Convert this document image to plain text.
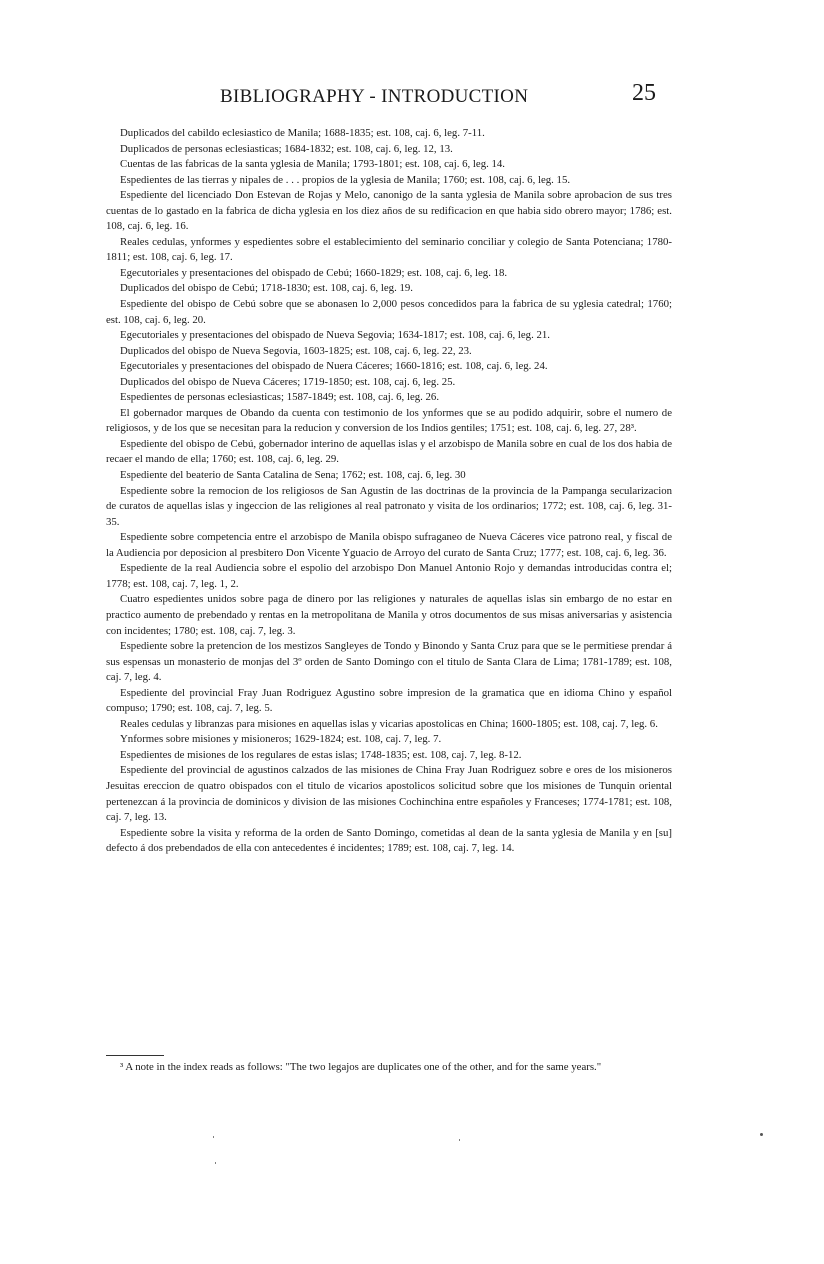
BIBLIOGRAPHY - INTRODUCTION	25

Duplicados del cabildo eclesiastico de Manila; 1688-1835; est. 108, caj. 6, leg. 7-11.

Duplicados de personas eclesiasticas; 1684-1832; est. 108, caj. 6, leg. 12, 13.

Cuentas de las fabricas de la santa yglesia de Manila; 1793-1801; est. 108, caj. 6, leg. 14.

Espedientes de las tierras y nipales de . . . propios de la yglesia de Manila; 1760; est. 108, caj. 6, leg. 15.

Espediente del licenciado Don Estevan de Rojas y Melo, canonigo de la santa yglesia de Manila sobre aprobacion de sus tres cuentas de lo gastado en la fabrica de dicha yglesia en los diez años de su redificacion en que habia sido obrero mayor; 1786; est. 108, caj. 6, leg. 16.

Reales cedulas, ynformes y espedientes sobre el establecimiento del seminario conciliar y colegio de Santa Potenciana; 1780-1811; est. 108, caj. 6, leg. 17.

Egecutoriales y presentaciones del obispado de Cebú; 1660-1829; est. 108, caj. 6, leg. 18.

Duplicados del obispo de Cebú; 1718-1830; est. 108, caj. 6, leg. 19.

Espediente del obispo de Cebú sobre que se abonasen lo 2,000 pesos concedidos para la fabrica de su yglesia catedral; 1760; est. 108, caj. 6, leg. 20.

Egecutoriales y presentaciones del obispado de Nueva Segovia; 1634-1817; est. 108, caj. 6, leg. 21.

Duplicados del obispo de Nueva Segovia, 1603-1825; est. 108, caj. 6, leg. 22, 23.

Egecutoriales y presentaciones del obispado de Nuera Cáceres; 1660-1816; est. 108, caj. 6, leg. 24.

Duplicados del obispo de Nueva Cáceres; 1719-1850; est. 108, caj. 6, leg. 25.

Espedientes de personas eclesiasticas; 1587-1849; est. 108, caj. 6, leg. 26.

El gobernador marques de Obando da cuenta con testimonio de los ynformes que se au podido adquirir, sobre el numero de religiosos, y de los que se necesitan para la reducion y conversion de los Indios gentiles; 1751; est. 108, caj. 6, leg. 27, 28³.

Espediente del obispo de Cebú, gobernador interino de aquellas islas y el arzobispo de Manila sobre en cual de los dos habia de recaer el mando de ella; 1760; est. 108, caj. 6, leg. 29.

Espediente del beaterio de Santa Catalina de Sena; 1762; est. 108, caj. 6, leg. 30

Espediente sobre la remocion de los religiosos de San Agustin de las doctrinas de la provincia de la Pampanga secularizacion de curatos de aquellas islas y ingeccion de las religiones al real patronato y visita de los ordinarios; 1772; est. 108, caj. 6, leg. 31-35.

Espediente sobre competencia entre el arzobispo de Manila obispo sufraganeo de Nueva Cáceres vice patrono real, y fiscal de la Audiencia por deposicion al presbitero Don Vicente Yguacio de Arroyo del curato de Santa Cruz; 1777; est. 108, caj. 6, leg. 36.

Espediente de la real Audiencia sobre el espolio del arzobispo Don Manuel Antonio Rojo y demandas introducidas contra el; 1778; est. 108, caj. 7, leg. 1, 2.

Cuatro espedientes unidos sobre paga de dinero por las religiones y naturales de aquellas islas sin embargo de no estar en practico aumento de prebendado y rentas en la metropolitana de Manila y otros documentos de sus misas aniversarias y asistencia con incidentes; 1780; est. 108, caj. 7, leg. 3.

Espediente sobre la pretencion de los mestizos Sangleyes de Tondo y Binondo y Santa Cruz para que se le permitiese prendar á sus espensas un monasterio de monjas del 3º orden de Santo Domingo con el titulo de Santa Clara de Lima; 1781-1789; est. 108, caj. 7, leg. 4.

Espediente del provincial Fray Juan Rodriguez Agustino sobre impresion de la gramatica que en idioma Chino y español compuso; 1790; est. 108, caj. 7, leg. 5.

Reales cedulas y libranzas para misiones en aquellas islas y vicarias apostolicas en China; 1600-1805; est. 108, caj. 7, leg. 6.

Ynformes sobre misiones y misioneros; 1629-1824; est. 108, caj. 7, leg. 7.

Espedientes de misiones de los regulares de estas islas; 1748-1835; est. 108, caj. 7, leg. 8-12.

Espediente del provincial de agustinos calzados de las misiones de China Fray Juan Rodriguez sobre e ores de los misioneros Jesuitas ereccion de quatro obispados con el titulo de vicarios apostolicos solicitud sobre que los misiones de Tunquin oriental pertenezcan á la provincia de dominicos y division de las misiones Cochinchina entre españoles y Franceses; 1774-1781; est. 108, caj. 7, leg. 13.

Espediente sobre la visita y reforma de la orden de Santo Domingo, cometidas al dean de la santa yglesia de Manila y en [su] defecto á dos prebendados de ella con antecedentes é incidentes; 1789; est. 108, caj. 7, leg. 14.

³ A note in the index reads as follows: "The two legajos are duplicates one of the other, and for the same years."
